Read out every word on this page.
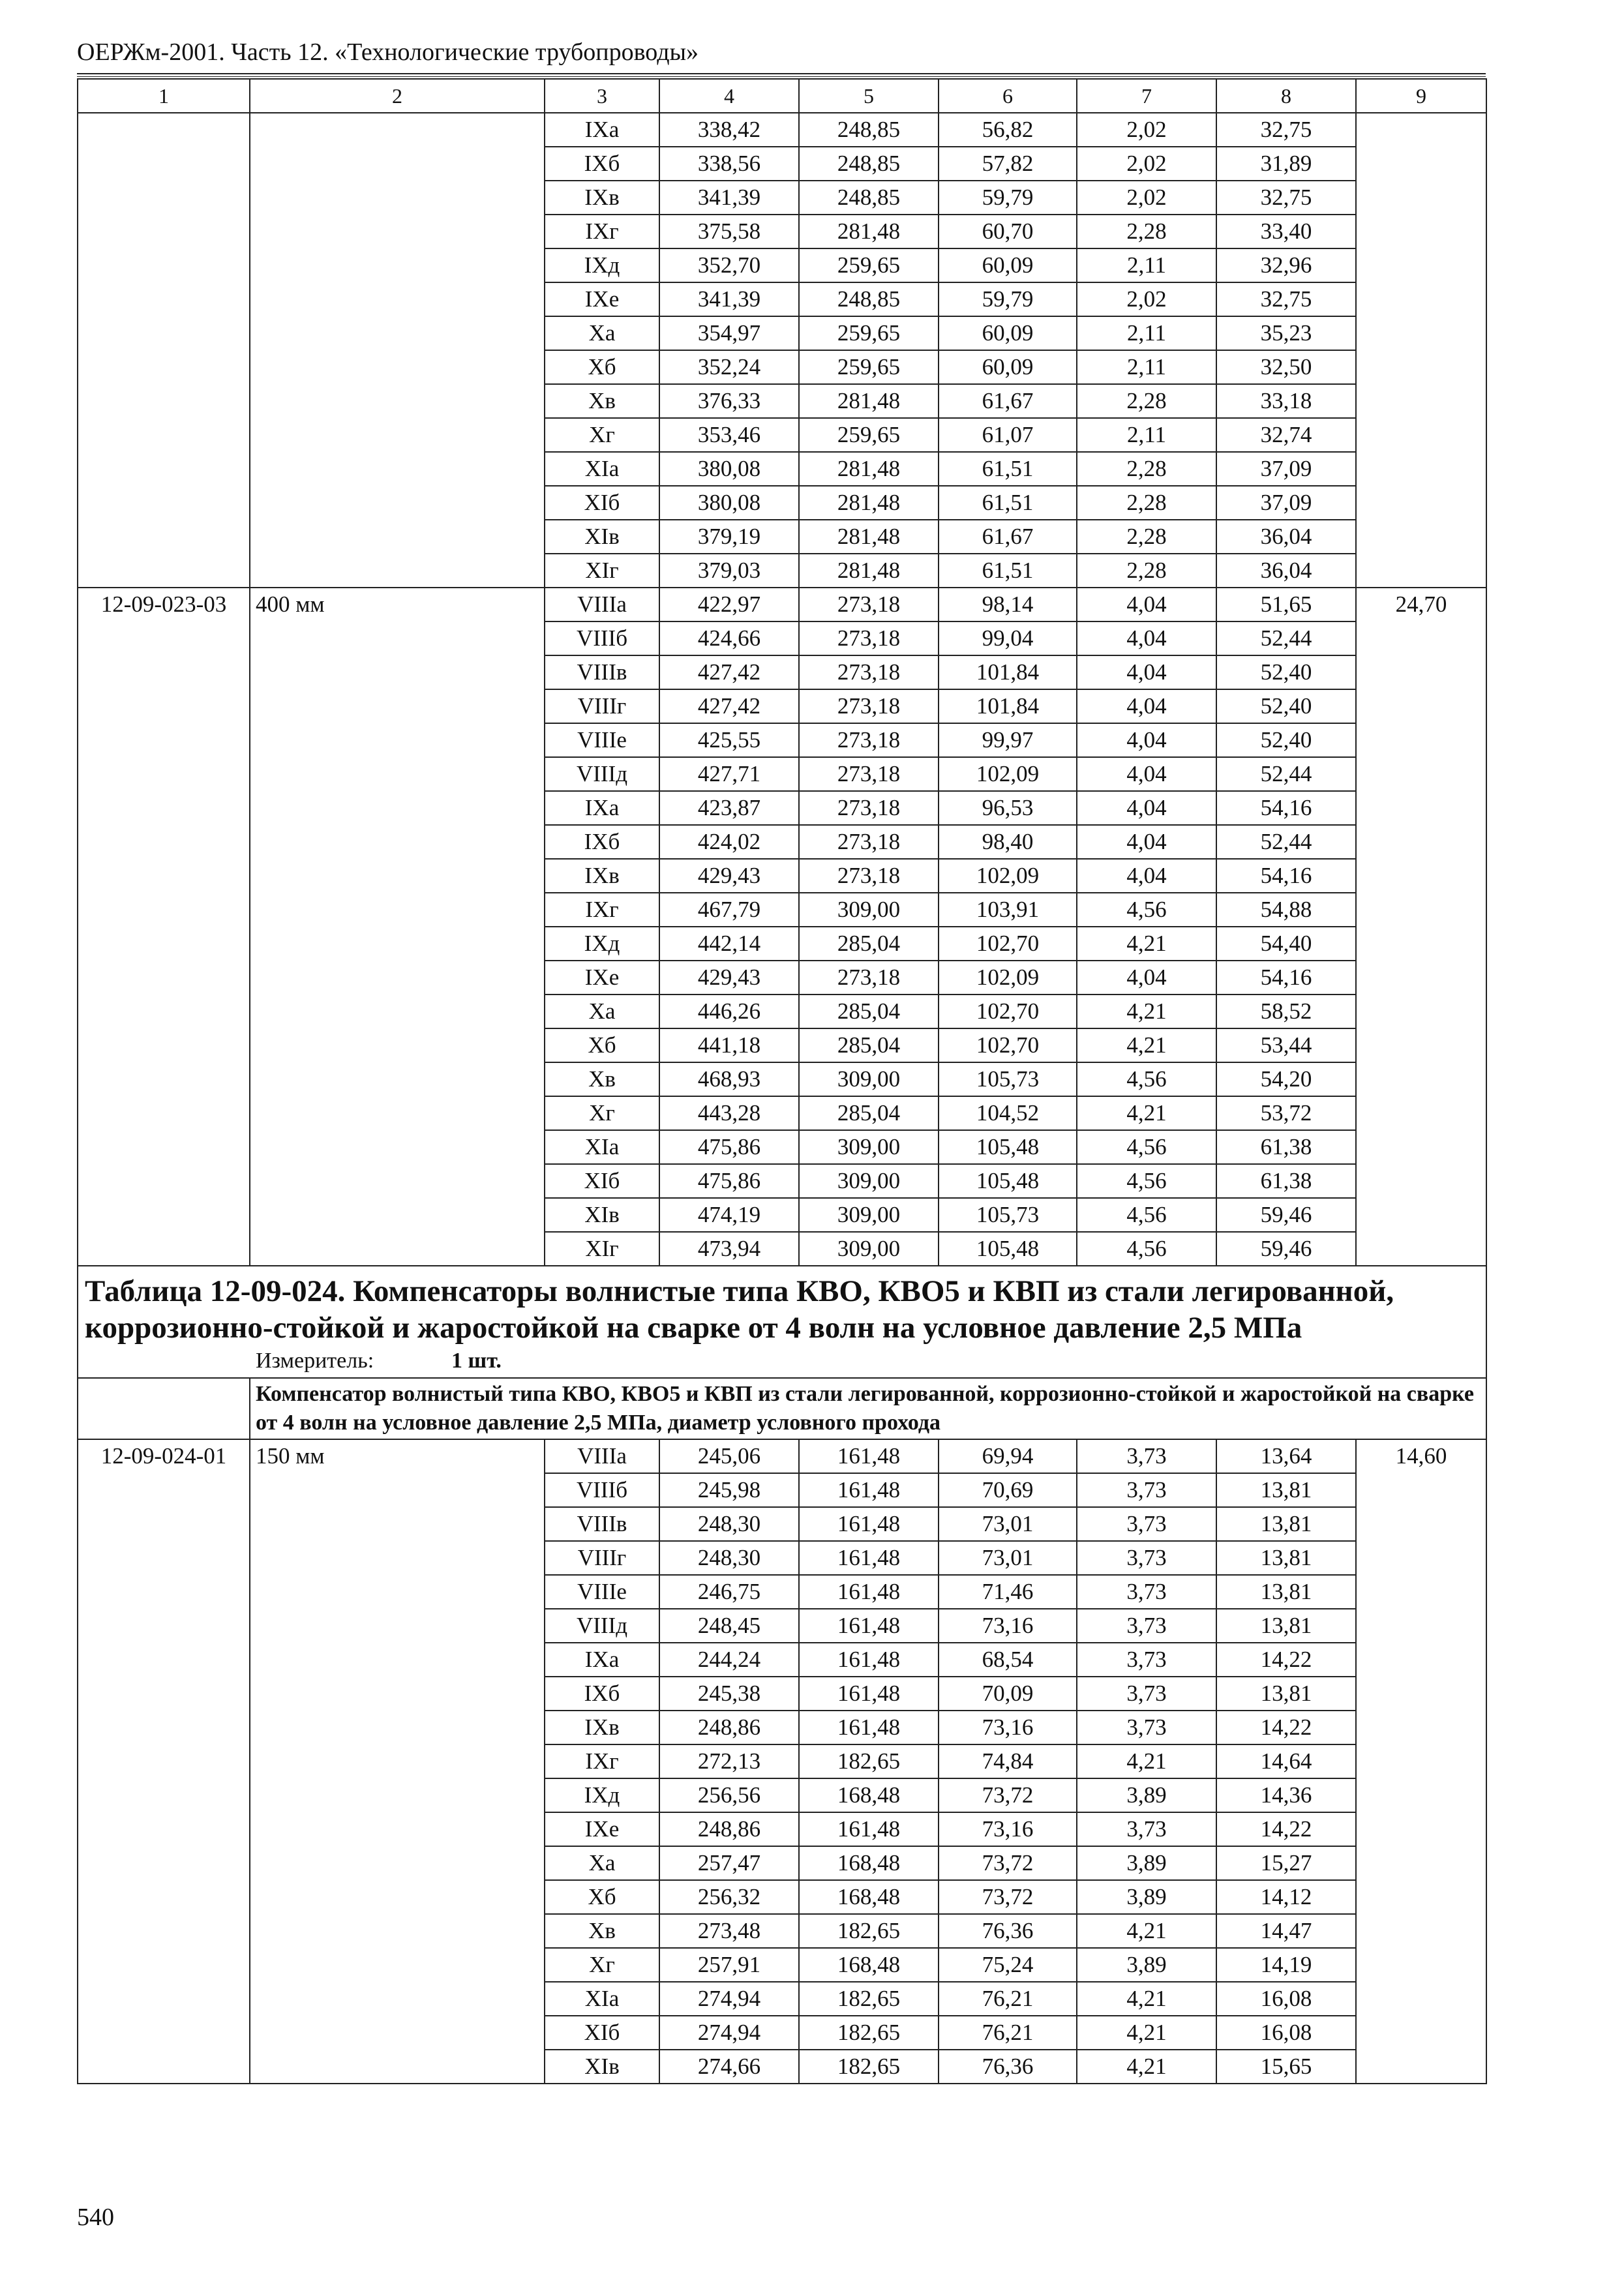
ОЕРЖм-2001. Часть 12. «Технологические трубопроводы»
1	2	3	4	5	6	7	8	9
		IXа	338,42	248,85	56,82	2,02	32,75	
		IXб	338,56	248,85	57,82	2,02	31,89	
		IXв	341,39	248,85	59,79	2,02	32,75	
		IXг	375,58	281,48	60,70	2,28	33,40	
		IXд	352,70	259,65	60,09	2,11	32,96	
		IXе	341,39	248,85	59,79	2,02	32,75	
		Xа	354,97	259,65	60,09	2,11	35,23	
		Xб	352,24	259,65	60,09	2,11	32,50	
		Xв	376,33	281,48	61,67	2,28	33,18	
		Xг	353,46	259,65	61,07	2,11	32,74	
		XIа	380,08	281,48	61,51	2,28	37,09	
		XIб	380,08	281,48	61,51	2,28	37,09	
		XIв	379,19	281,48	61,67	2,28	36,04	
		XIг	379,03	281,48	61,51	2,28	36,04	
12-09-023-03	400 мм	VIIIа	422,97	273,18	98,14	4,04	51,65	24,70
		VIIIб	424,66	273,18	99,04	4,04	52,44	
		VIIIв	427,42	273,18	101,84	4,04	52,40	
		VIIIг	427,42	273,18	101,84	4,04	52,40	
		VIIIе	425,55	273,18	99,97	4,04	52,40	
		VIIIд	427,71	273,18	102,09	4,04	52,44	
		IXа	423,87	273,18	96,53	4,04	54,16	
		IXб	424,02	273,18	98,40	4,04	52,44	
		IXв	429,43	273,18	102,09	4,04	54,16	
		IXг	467,79	309,00	103,91	4,56	54,88	
		IXд	442,14	285,04	102,70	4,21	54,40	
		IXе	429,43	273,18	102,09	4,04	54,16	
		Xа	446,26	285,04	102,70	4,21	58,52	
		Xб	441,18	285,04	102,70	4,21	53,44	
		Xв	468,93	309,00	105,73	4,56	54,20	
		Xг	443,28	285,04	104,52	4,21	53,72	
		XIа	475,86	309,00	105,48	4,56	61,38	
		XIб	475,86	309,00	105,48	4,56	61,38	
		XIв	474,19	309,00	105,73	4,56	59,46	
		XIг	473,94	309,00	105,48	4,56	59,46	

Таблица 12-09-024. Компенсаторы волнистые типа КВО, КВО5 и КВП из стали легированной, коррозионно-стойкой и жаростойкой на сварке от 4 волн на условное давление 2,5 МПа
Измеритель: 1 шт.								

	Компенсатор волнистый типа КВО, КВО5 и КВП из стали легированной, коррозионно-стойкой и жаростойкой на сварке от 4 волн на условное давление 2,5 МПа, диаметр условного прохода							
12-09-024-01	150 мм	VIIIа	245,06	161,48	69,94	3,73	13,64	14,60
		VIIIб	245,98	161,48	70,69	3,73	13,81	
		VIIIв	248,30	161,48	73,01	3,73	13,81	
		VIIIг	248,30	161,48	73,01	3,73	13,81	
		VIIIе	246,75	161,48	71,46	3,73	13,81	
		VIIIд	248,45	161,48	73,16	3,73	13,81	
		IXа	244,24	161,48	68,54	3,73	14,22	
		IXб	245,38	161,48	70,09	3,73	13,81	
		IXв	248,86	161,48	73,16	3,73	14,22	
		IXг	272,13	182,65	74,84	4,21	14,64	
		IXд	256,56	168,48	73,72	3,89	14,36	
		IXе	248,86	161,48	73,16	3,73	14,22	
		Xа	257,47	168,48	73,72	3,89	15,27	
		Xб	256,32	168,48	73,72	3,89	14,12	
		Xв	273,48	182,65	76,36	4,21	14,47	
		Xг	257,91	168,48	75,24	3,89	14,19	
		XIа	274,94	182,65	76,21	4,21	16,08	
		XIб	274,94	182,65	76,21	4,21	16,08	
		XIв	274,66	182,65	76,36	4,21	15,65	
540
